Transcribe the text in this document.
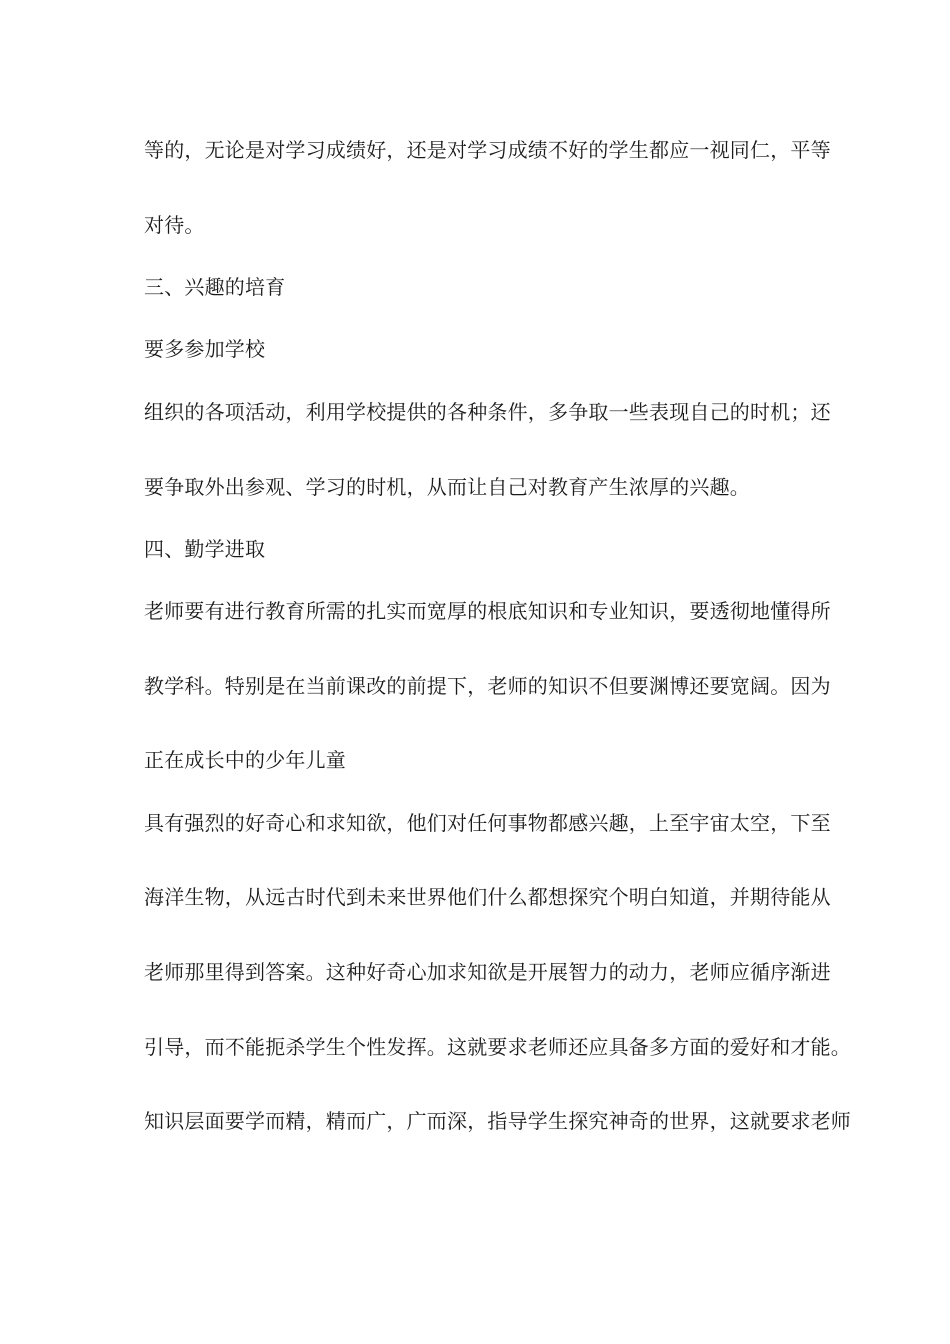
等的，无论是对学习成绩好，还是对学习成绩不好的学生都应一视同仁，平等

对待。

三、兴趣的培育

要多参加学校

组织的各项活动，利用学校提供的各种条件，多争取一些表现自己的时机；还

要争取外出参观、学习的时机，从而让自己对教育产生浓厚的兴趣。

四、勤学进取

老师要有进行教育所需的扎实而宽厚的根底知识和专业知识，要透彻地懂得所

教学科。特别是在当前课改的前提下，老师的知识不但要渊博还要宽阔。因为

正在成长中的少年儿童

具有强烈的好奇心和求知欲，他们对任何事物都感兴趣，上至宇宙太空，下至

海洋生物，从远古时代到未来世界他们什么都想探究个明白知道，并期待能从

老师那里得到答案。这种好奇心加求知欲是开展智力的动力，老师应循序渐进

引导，而不能扼杀学生个性发挥。这就要求老师还应具备多方面的爱好和才能。

知识层面要学而精，精而广，广而深，指导学生探究神奇的世界，这就要求老师
